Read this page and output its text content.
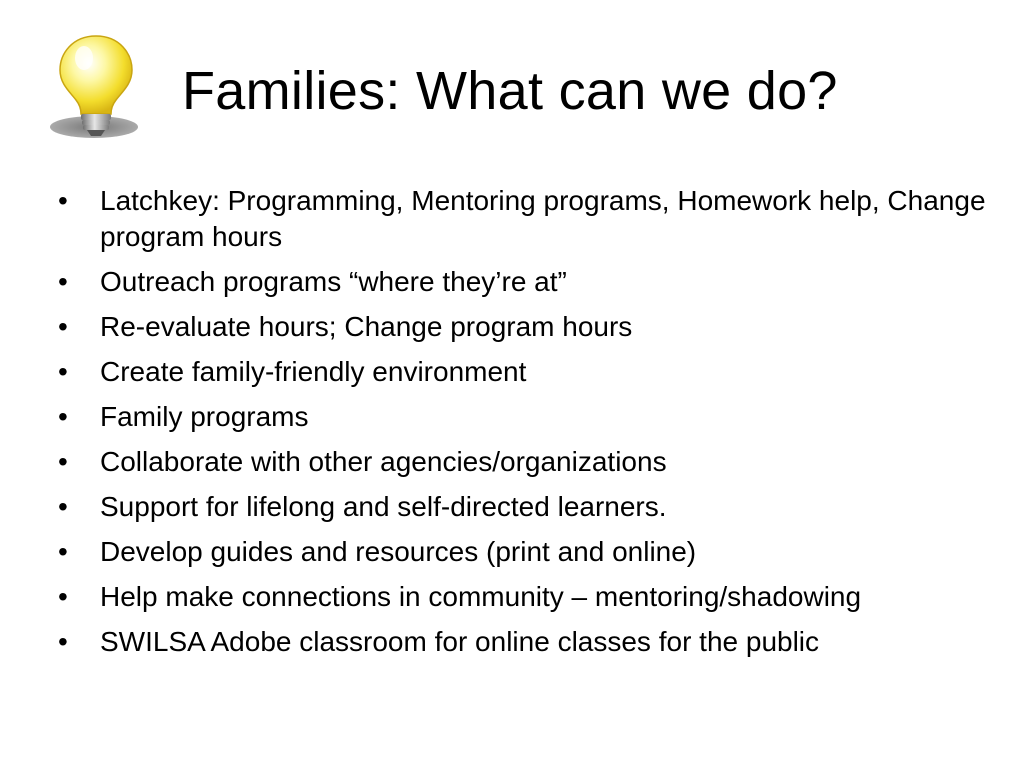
Families: What can we do?
• Latchkey: Programming, Mentoring programs, Homework help, Change program hours
• Outreach programs “where they’re at”
• Re-evaluate hours; Change program hours
• Create family-friendly environment
• Family programs
• Collaborate with other agencies/organizations
• Support for lifelong and self-directed learners.
• Develop guides and resources (print and online)
• Help make connections in community – mentoring/shadowing
• SWILSA Adobe classroom for online classes for the public
